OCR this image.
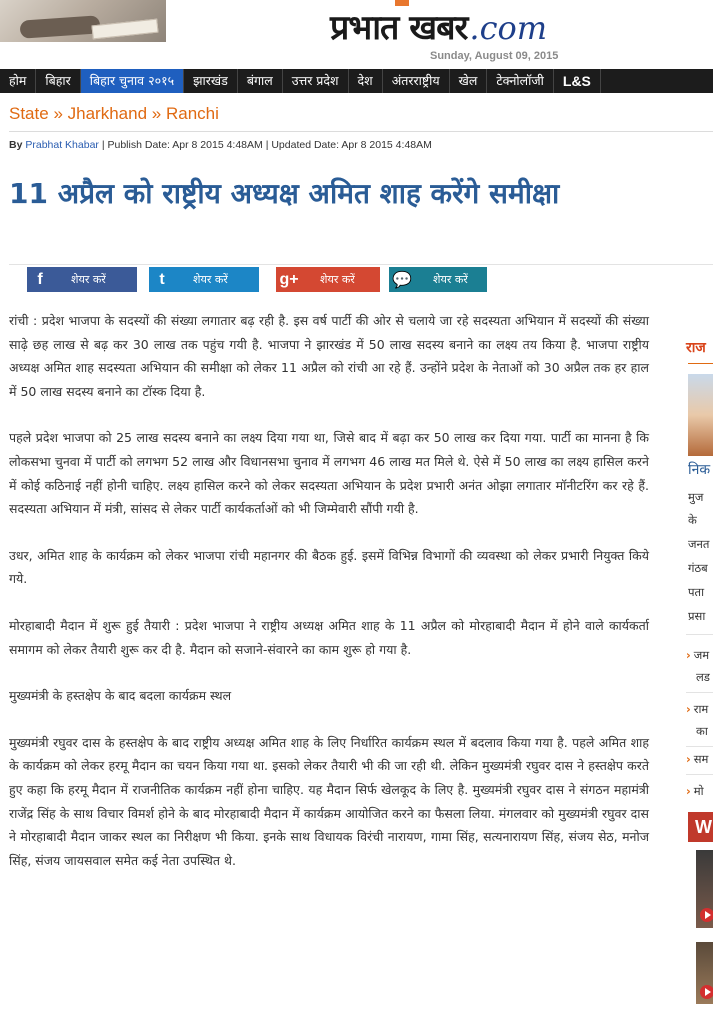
प्रभात खबर .com
Sunday, August 09, 2015
होम	बिहार	बिहार चुनाव २०१५	झारखंड	बंगाल	उत्तर प्रदेश	देश	अंतरराष्ट्रीय	खेल	टेक्नोलॉजी	L&S
State » Jharkhand » Ranchi
By Prabhat Khabar | Publish Date: Apr 8 2015 4:48AM | Updated Date: Apr 8 2015 4:48AM
11 अप्रैल को राष्ट्रीय अध्यक्ष अमित शाह करेंगे समीक्षा
f	शेयर करें	t	शेयर करें	g+	शेयर करें 💬	शेयर करें

रांची : प्रदेश भाजपा के सदस्यों की संख्या लगातार बढ़ रही है. इस वर्ष पार्टी की ओर से चलाये जा रहे सदस्यता अभियान में सदस्यों की संख्या साढ़े छह लाख से बढ़ कर 30 लाख तक पहुंच गयी है. भाजपा ने झारखंड में 50 लाख सदस्य बनाने का लक्ष्य तय किया है. भाजपा राष्ट्रीय अध्यक्ष अमित शाह सदस्यता अभियान की समीक्षा को लेकर 11 अप्रैल को रांची आ रहे हैं. उन्होंने प्रदेश के नेताओं को 30 अप्रैल तक हर हाल में 50 लाख सदस्य बनाने का टॉस्क दिया है.

पहले प्रदेश भाजपा को 25 लाख सदस्य बनाने का लक्ष्य दिया गया था, जिसे बाद में बढ़ा कर 50 लाख कर दिया गया. पार्टी का मानना है कि लोकसभा चुनवा में पार्टी को लगभग 52 लाख और विधानसभा चुनाव में लगभग 46 लाख मत मिले थे. ऐसे में 50 लाख का लक्ष्य हासिल करने में कोई कठिनाई नहीं होनी चाहिए. लक्ष्य हासिल करने को लेकर सदस्यता अभियान के प्रदेश प्रभारी अनंत ओझा लगातार मॉनीटरिंग कर रहे हैं. सदस्यता अभियान में मंत्री, सांसद से लेकर पार्टी कार्यकर्ताओं को भी जिम्मेवारी सौंपी गयी है.

उधर, अमित शाह के कार्यक्रम को लेकर भाजपा रांची महानगर की बैठक हुई. इसमें विभिन्न विभागों की व्यवस्था को लेकर प्रभारी नियुक्त किये गये.

मोरहाबादी मैदान में शुरू हुई तैयारी : प्रदेश भाजपा ने राष्ट्रीय अध्यक्ष अमित शाह के 11 अप्रैल को मोरहाबादी मैदान में होने वाले कार्यकर्ता समागम को लेकर तैयारी शुरू कर दी है. मैदान को सजाने-संवारने का काम शुरू हो गया है.

मुख्यमंत्री के हस्तक्षेप के बाद बदला कार्यक्रम स्थल

मुख्यमंत्री रघुवर दास के हस्तक्षेप के बाद राष्ट्रीय अध्यक्ष अमित शाह के लिए निर्धारित कार्यक्रम स्थल में बदलाव किया गया है. पहले अमित शाह के कार्यक्रम को लेकर हरमू मैदान का चयन किया गया था. इसको लेकर तैयारी भी की जा रही थी. लेकिन मुख्यमंत्री रघुवर दास ने हस्तक्षेप करते हुए कहा कि हरमू मैदान में राजनीतिक कार्यक्रम नहीं होना चाहिए. यह मैदान सिर्फ खेलकूद के लिए है. मुख्यमंत्री रघुवर दास ने संगठन महामंत्री राजेंद्र सिंह के साथ विचार विमर्श होने के बाद मोरहाबादी मैदान में कार्यक्रम आयोजित करने का फैसला लिया. मंगलवार को मुख्यमंत्री रघुवर दास ने मोरहाबादी मैदान जाकर स्थल का निरीक्षण भी किया. इनके साथ विधायक विरंची नारायण, गामा सिंह, सत्यनारायण सिंह, संजय सेठ, मनोज सिंह, संजय जायसवाल समेत कई नेता उपस्थित थे.

राज
निक
मुज
के
जनत
गंठब
पता
प्रसा
› जम
लड
› राम
का
› सम
› मो
W
